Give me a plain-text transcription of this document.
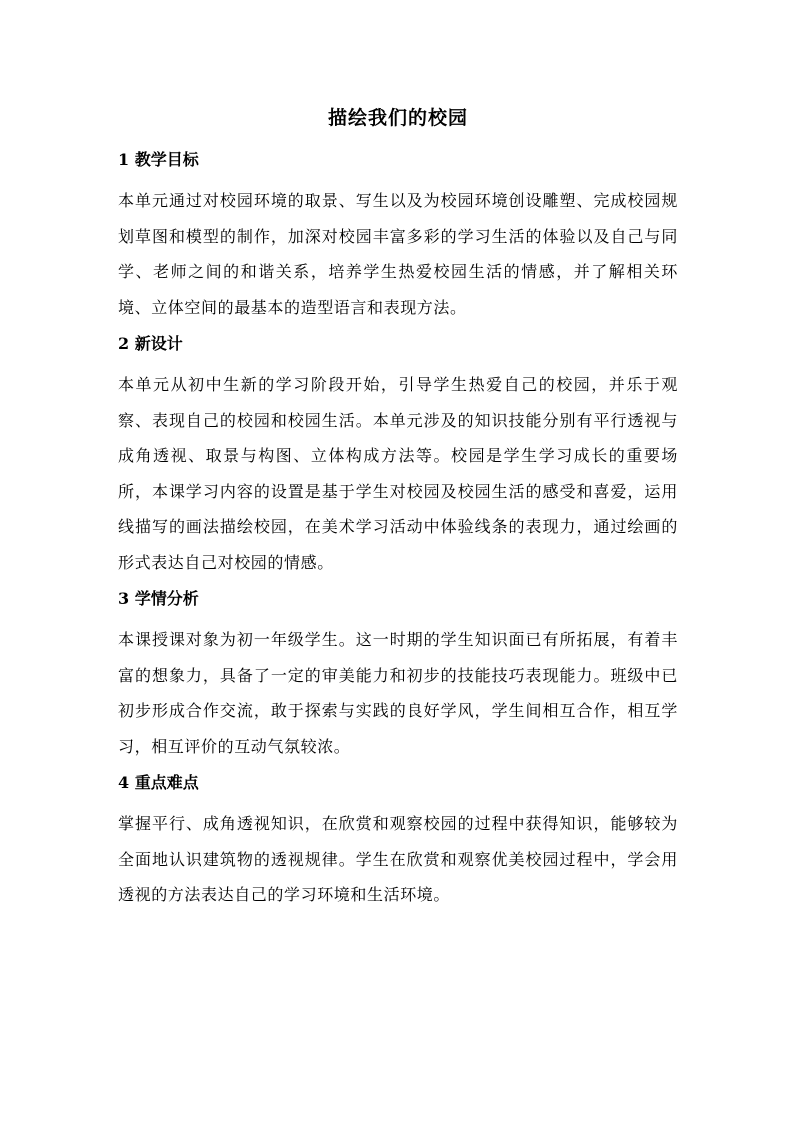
描绘我们的校园
1 教学目标

本单元通过对校园环境的取景、写生以及为校园环境创设雕塑、完成校园规划草图和模型的制作，加深对校园丰富多彩的学习生活的体验以及自己与同学、老师之间的和谐关系，培养学生热爱校园生活的情感，并了解相关环境、立体空间的最基本的造型语言和表现方法。

2 新设计

本单元从初中生新的学习阶段开始，引导学生热爱自己的校园，并乐于观察、表现自己的校园和校园生活。本单元涉及的知识技能分别有平行透视与成角透视、取景与构图、立体构成方法等。校园是学生学习成长的重要场所，本课学习内容的设置是基于学生对校园及校园生活的感受和喜爱，运用线描写的画法描绘校园，在美术学习活动中体验线条的表现力，通过绘画的形式表达自己对校园的情感。

3 学情分析

本课授课对象为初一年级学生。这一时期的学生知识面已有所拓展，有着丰富的想象力，具备了一定的审美能力和初步的技能技巧表现能力。班级中已初步形成合作交流，敢于探索与实践的良好学风，学生间相互合作，相互学习，相互评价的互动气氛较浓。

4 重点难点

掌握平行、成角透视知识，在欣赏和观察校园的过程中获得知识，能够较为全面地认识建筑物的透视规律。学生在欣赏和观察优美校园过程中，学会用透视的方法表达自己的学习环境和生活环境。
